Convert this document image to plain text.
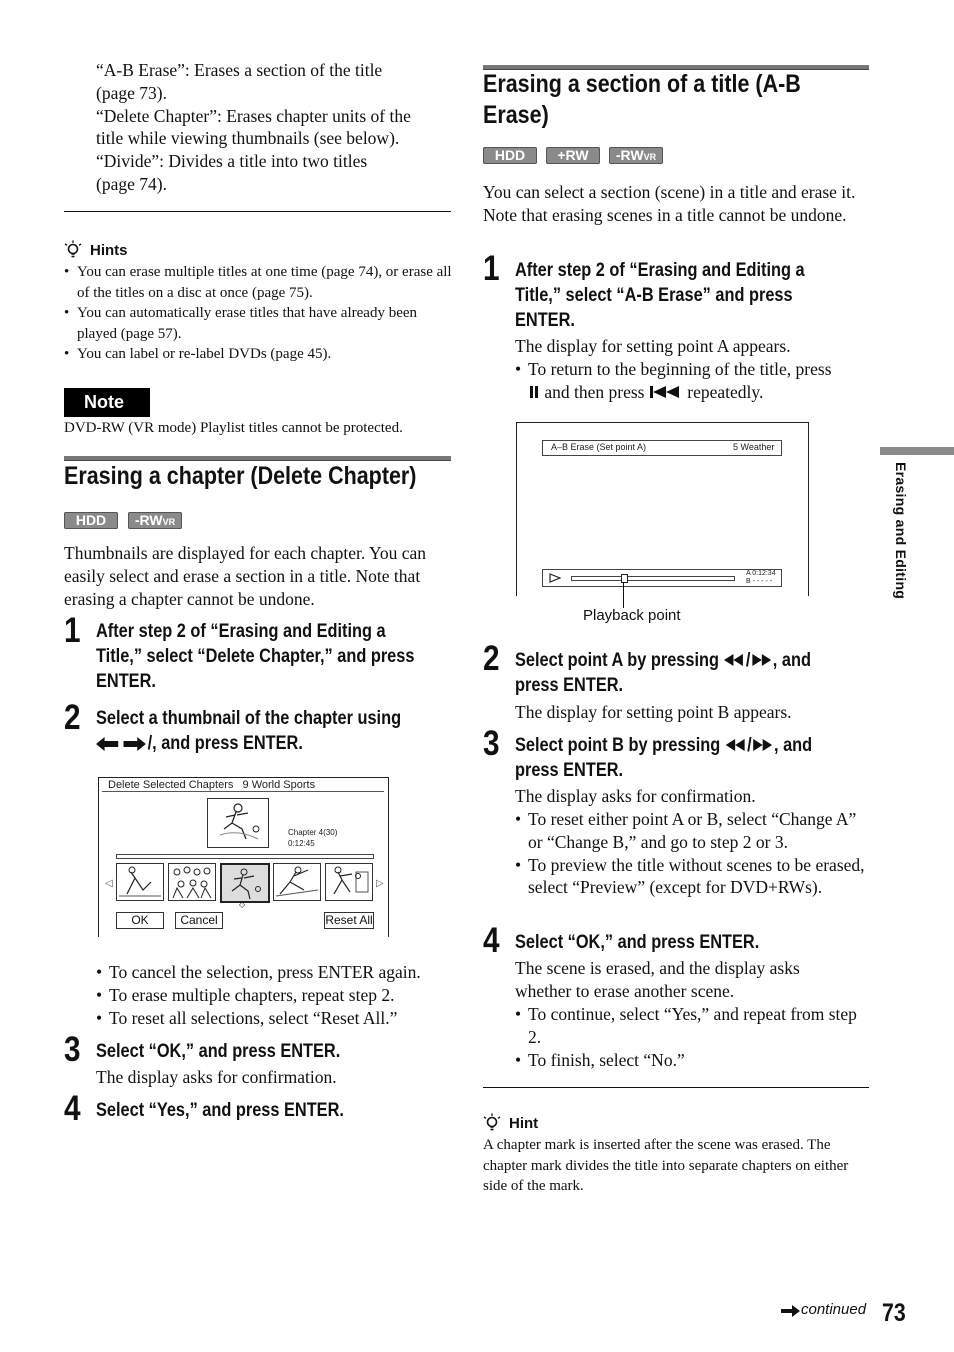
“A-B Erase”: Erases a section of the title
(page 73).
“Delete Chapter”: Erases chapter units of the
title while viewing thumbnails (see below).
“Divide”: Divides a title into two titles
(page 74).
Hints
• You can erase multiple titles at one time (page 74), or erase all of the titles on a disc at once (page 75).
• You can automatically erase titles that have already been played (page 57).
• You can label or re-label DVDs (page 45).
Note
DVD-RW (VR mode) Playlist titles cannot be protected.
Erasing a chapter (Delete Chapter)
HDD	-RWVR
Thumbnails are displayed for each chapter. You can easily select and erase a section in a title. Note that erasing a chapter cannot be undone.
1 After step 2 of “Erasing and Editing a
Title,” select “Delete Chapter,” and press
ENTER.
2 Select a thumbnail of the chapter using
/, and press ENTER.
Delete Selected Chapters   9 World Sports
Chapter 4(30)
0:12:45
◁	▷
◇
OK	Cancel	Reset All
• To cancel the selection, press ENTER again.
• To erase multiple chapters, repeat step 2.
• To reset all selections, select “Reset All.”
3 Select “OK,” and press ENTER.
The display asks for confirmation.
4 Select “Yes,” and press ENTER.
Erasing a section of a title (A-B
Erase)
HDD	+RW	-RWVR
You can select a section (scene) in a title and erase it. Note that erasing scenes in a title cannot be undone.
1 After step 2 of “Erasing and Editing a
Title,” select “A-B Erase” and press
ENTER.
The display for setting point A appears.
• To return to the beginning of the title, press
and then press repeatedly.
A–B Erase (Set point A)	5 Weather
A 0:12:34
B - - - - -
Playback point
2 Select point A by pressing / , and
press ENTER.
The display for setting point B appears.
3 Select point B by pressing / , and
press ENTER.
The display asks for confirmation.
• To reset either point A or B, select “Change A” or “Change B,” and go to step 2 or 3.
• To preview the title without scenes to be erased, select “Preview” (except for DVD+RWs).
4 Select “OK,” and press ENTER.
The scene is erased, and the display asks whether to erase another scene.
• To continue, select “Yes,” and repeat from step 2.
• To finish, select “No.”
Hint
A chapter mark is inserted after the scene was erased. The chapter mark divides the title into separate chapters on either side of the mark.
Erasing and Editing
continued 73
